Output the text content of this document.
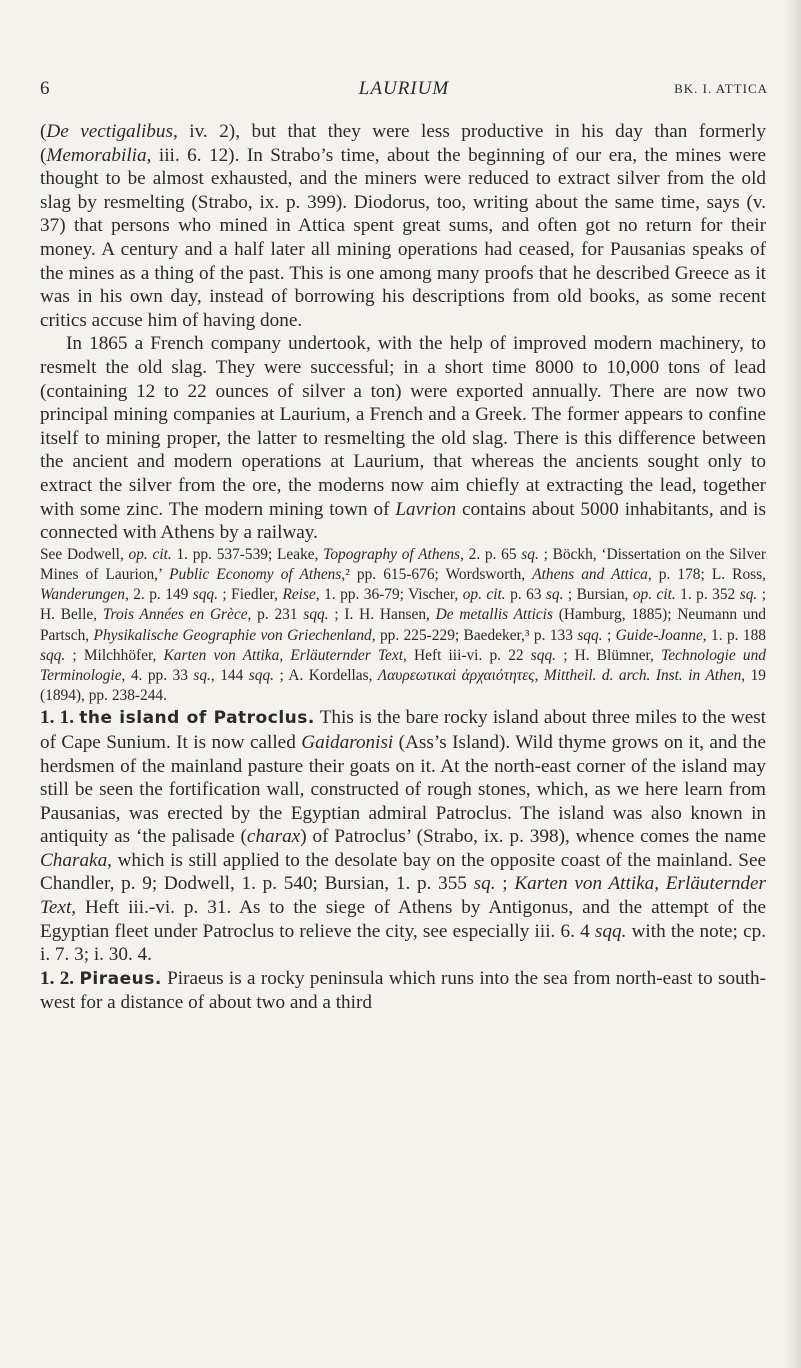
6	LAURIUM	BK. I. ATTICA

(De vectigalibus, iv. 2), but that they were less productive in his day than formerly (Memorabilia, iii. 6. 12). In Strabo’s time, about the beginning of our era, the mines were thought to be almost exhausted, and the miners were reduced to extract silver from the old slag by resmelting (Strabo, ix. p. 399). Diodorus, too, writing about the same time, says (v. 37) that persons who mined in Attica spent great sums, and often got no return for their money. A century and a half later all mining operations had ceased, for Pausanias speaks of the mines as a thing of the past. This is one among many proofs that he described Greece as it was in his own day, instead of borrowing his descriptions from old books, as some recent critics accuse him of having done.

In 1865 a French company undertook, with the help of improved modern machinery, to resmelt the old slag. They were successful; in a short time 8000 to 10,000 tons of lead (containing 12 to 22 ounces of silver a ton) were exported annually. There are now two principal mining companies at Laurium, a French and a Greek. The former appears to confine itself to mining proper, the latter to resmelting the old slag. There is this difference between the ancient and modern operations at Laurium, that whereas the ancients sought only to extract the silver from the ore, the moderns now aim chiefly at extracting the lead, together with some zinc. The modern mining town of Lavrion contains about 5000 inhabitants, and is connected with Athens by a railway.

See Dodwell, op. cit. 1. pp. 537-539; Leake, Topography of Athens, 2. p. 65 sq. ; Böckh, ‘Dissertation on the Silver Mines of Laurion,’ Public Economy of Athens,² pp. 615-676; Wordsworth, Athens and Attica, p. 178; L. Ross, Wanderungen, 2. p. 149 sqq. ; Fiedler, Reise, 1. pp. 36-79; Vischer, op. cit. p. 63 sq. ; Bursian, op. cit. 1. p. 352 sq. ; H. Belle, Trois Années en Grèce, p. 231 sqq. ; I. H. Hansen, De metallis Atticis (Hamburg, 1885); Neumann und Partsch, Physikalische Geographie von Griechenland, pp. 225-229; Baedeker,³ p. 133 sqq. ; Guide-Joanne, 1. p. 188 sqq. ; Milchhöfer, Karten von Attika, Erläuternder Text, Heft iii-vi. p. 22 sqq. ; H. Blümner, Technologie und Terminologie, 4. pp. 33 sq., 144 sqq. ; A. Kordellas, Λαυρεωτικαὶ ἀρχαιότητες, Mittheil. d. arch. Inst. in Athen, 19 (1894), pp. 238-244.

1. 1. the island of Patroclus. This is the bare rocky island about three miles to the west of Cape Sunium. It is now called Gaidaronisi (Ass’s Island). Wild thyme grows on it, and the herdsmen of the mainland pasture their goats on it. At the north-east corner of the island may still be seen the fortification wall, constructed of rough stones, which, as we here learn from Pausanias, was erected by the Egyptian admiral Patroclus. The island was also known in antiquity as ‘the palisade (charax) of Patroclus’ (Strabo, ix. p. 398), whence comes the name Charaka, which is still applied to the desolate bay on the opposite coast of the mainland. See Chandler, p. 9; Dodwell, 1. p. 540; Bursian, 1. p. 355 sq. ; Karten von Attika, Erläuternder Text, Heft iii.-vi. p. 31. As to the siege of Athens by Antigonus, and the attempt of the Egyptian fleet under Patroclus to relieve the city, see especially iii. 6. 4 sqq. with the note; cp. i. 7. 3; i. 30. 4.

1. 2. Piraeus. Piraeus is a rocky peninsula which runs into the sea from north-east to south-west for a distance of about two and a third
